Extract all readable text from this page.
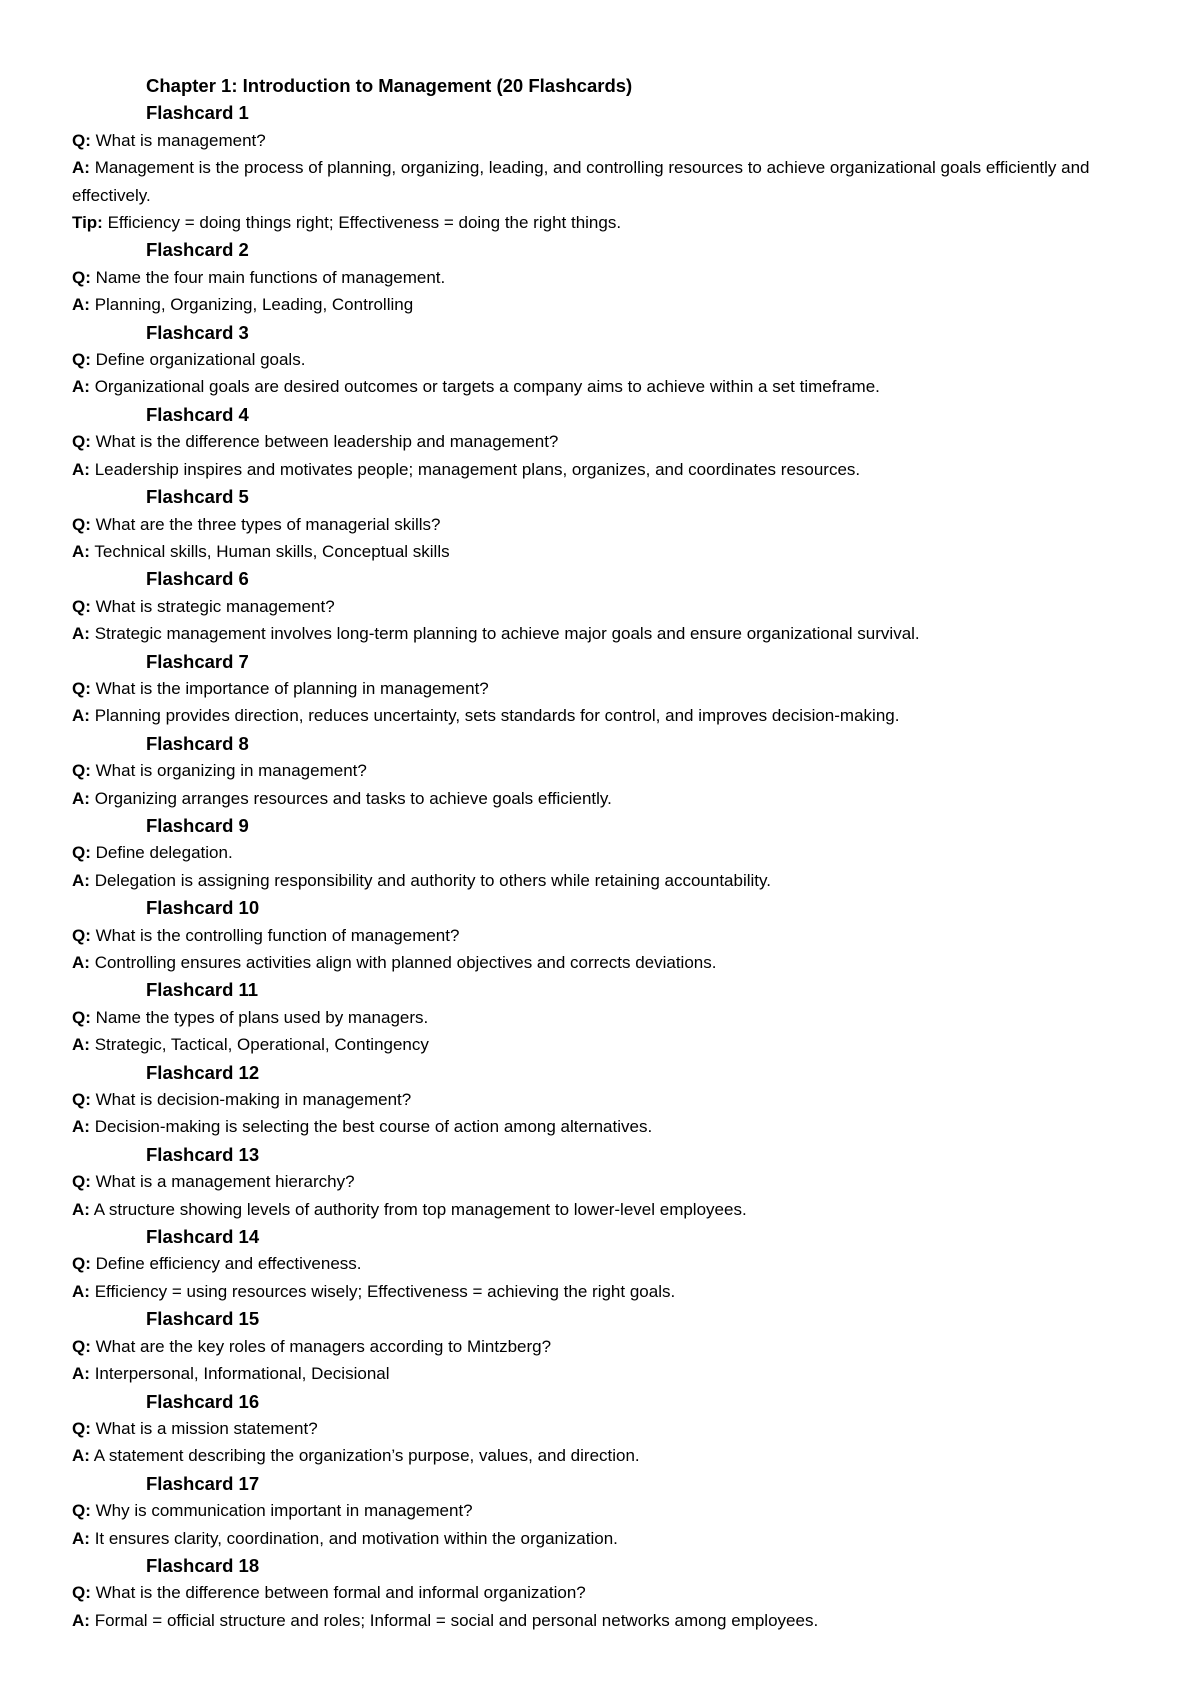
Chapter 1: Introduction to Management (20 Flashcards)

Flashcard 1

Q: What is management?

A: Management is the process of planning, organizing, leading, and controlling resources to achieve organizational goals efficiently and effectively.

Tip: Efficiency = doing things right; Effectiveness = doing the right things.

Flashcard 2

Q: Name the four main functions of management.

A: Planning, Organizing, Leading, Controlling

Flashcard 3

Q: Define organizational goals.

A: Organizational goals are desired outcomes or targets a company aims to achieve within a set timeframe.

Flashcard 4

Q: What is the difference between leadership and management?

A: Leadership inspires and motivates people; management plans, organizes, and coordinates resources.

Flashcard 5

Q: What are the three types of managerial skills?

A: Technical skills, Human skills, Conceptual skills

Flashcard 6

Q: What is strategic management?

A: Strategic management involves long-term planning to achieve major goals and ensure organizational survival.

Flashcard 7

Q: What is the importance of planning in management?

A: Planning provides direction, reduces uncertainty, sets standards for control, and improves decision-making.

Flashcard 8

Q: What is organizing in management?

A: Organizing arranges resources and tasks to achieve goals efficiently.

Flashcard 9

Q: Define delegation.

A: Delegation is assigning responsibility and authority to others while retaining accountability.

Flashcard 10

Q: What is the controlling function of management?

A: Controlling ensures activities align with planned objectives and corrects deviations.

Flashcard 11

Q: Name the types of plans used by managers.

A: Strategic, Tactical, Operational, Contingency

Flashcard 12

Q: What is decision-making in management?

A: Decision-making is selecting the best course of action among alternatives.

Flashcard 13

Q: What is a management hierarchy?

A: A structure showing levels of authority from top management to lower-level employees.

Flashcard 14

Q: Define efficiency and effectiveness.

A: Efficiency = using resources wisely; Effectiveness = achieving the right goals.

Flashcard 15

Q: What are the key roles of managers according to Mintzberg?

A: Interpersonal, Informational, Decisional

Flashcard 16

Q: What is a mission statement?

A: A statement describing the organization’s purpose, values, and direction.

Flashcard 17

Q: Why is communication important in management?

A: It ensures clarity, coordination, and motivation within the organization.

Flashcard 18

Q: What is the difference between formal and informal organization?

A: Formal = official structure and roles; Informal = social and personal networks among employees.
